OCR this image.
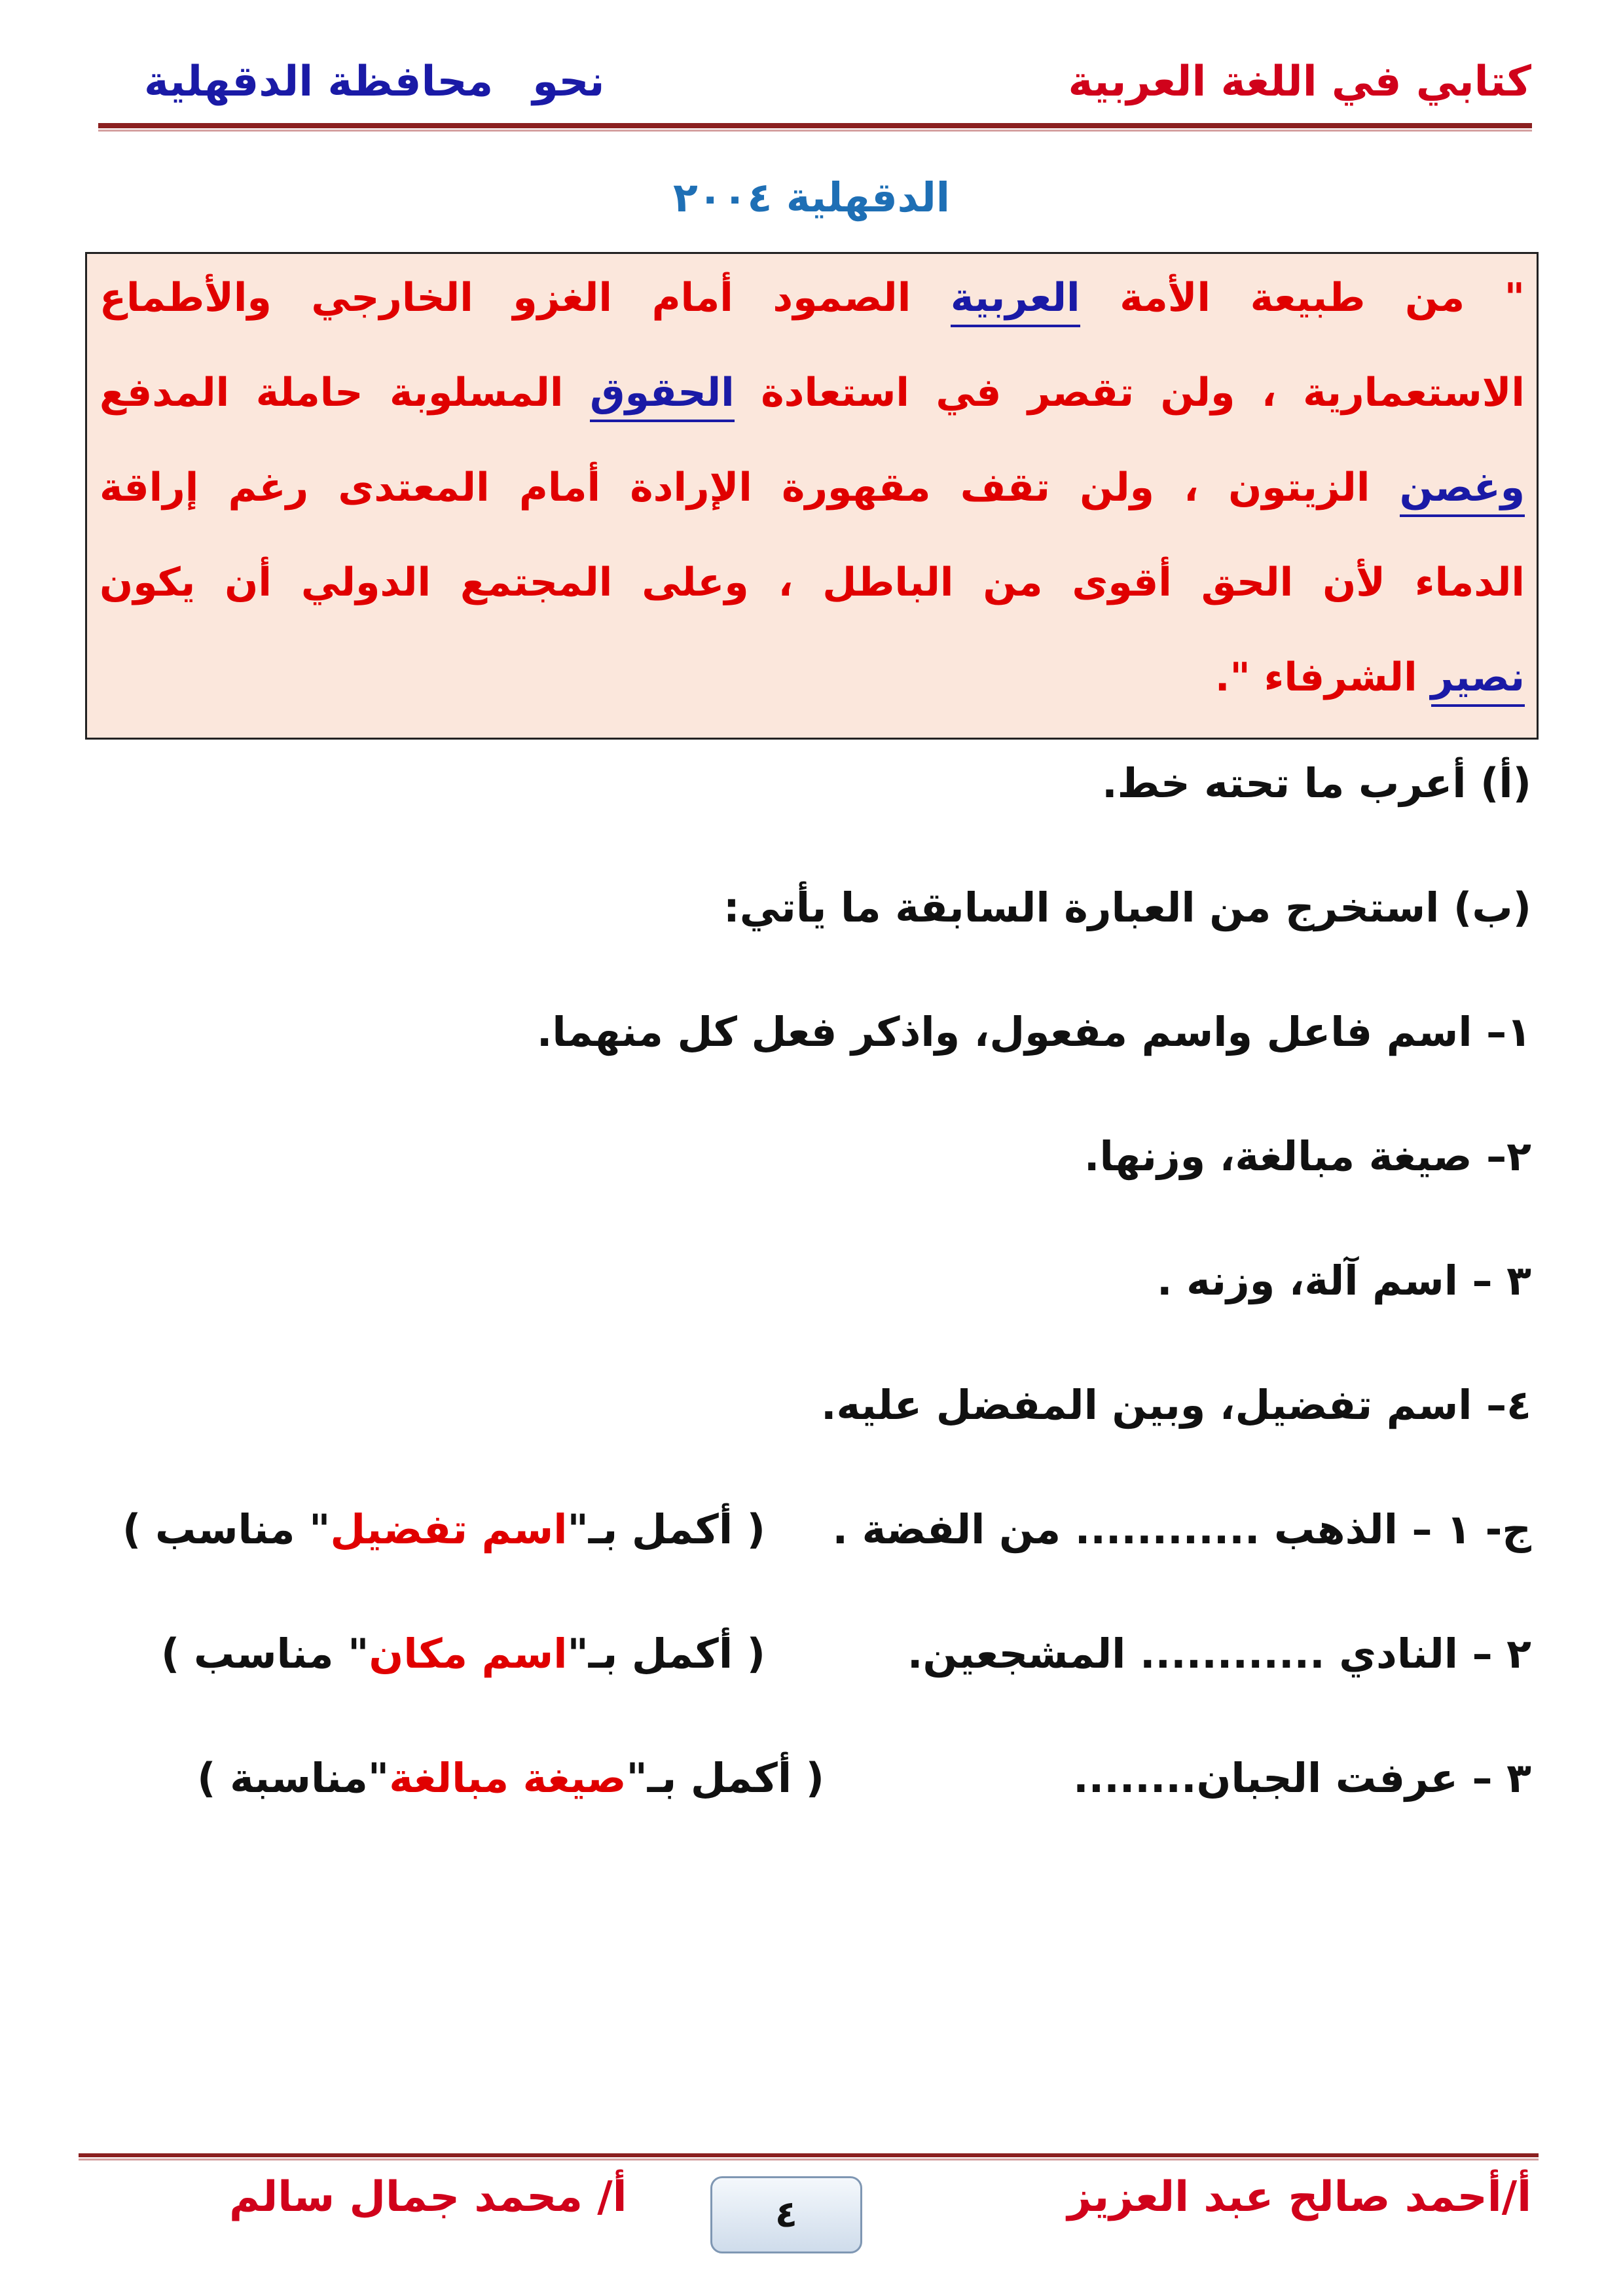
كتابي في اللغة العربية
نحومحافظة الدقهلية
الدقهلية ٢٠٠٤
" من طبيعة الأمة العربية الصمود أمام الغزو الخارجي والأطماع
الاستعمارية ، ولن تقصر في استعادة الحقوق المسلوبة حاملة المدفع
وغصن الزيتون ، ولن تقف مقهورة الإرادة أمام المعتدى رغم إراقة
الدماء لأن الحق أقوى من الباطل ، وعلى المجتمع الدولي أن يكون
نصير الشرفاء ".
(أ) أعرب ما تحته خط.
(ب) استخرج من العبارة السابقة ما يأتي:
١– اسم فاعل واسم مفعول، واذكر فعل كل منهما.
٢– صيغة مبالغة، وزنها.
٣ – اسم آلة، وزنه .
٤– اسم تفضيل، وبين المفضل عليه.
ج- ١ – الذهب ............ من الفضة .
( أكمل بـ"اسم تفضيل" مناسب )
٢ – النادي ............ المشجعين.
( أكمل بـ"اسم مكان" مناسب )
٣ – عرفت الجبان........
( أكمل بـ"صيغة مبالغة"مناسبة )
أ/أحمد صالح عبد العزيز
٤
أ/ محمد جمال سالم
